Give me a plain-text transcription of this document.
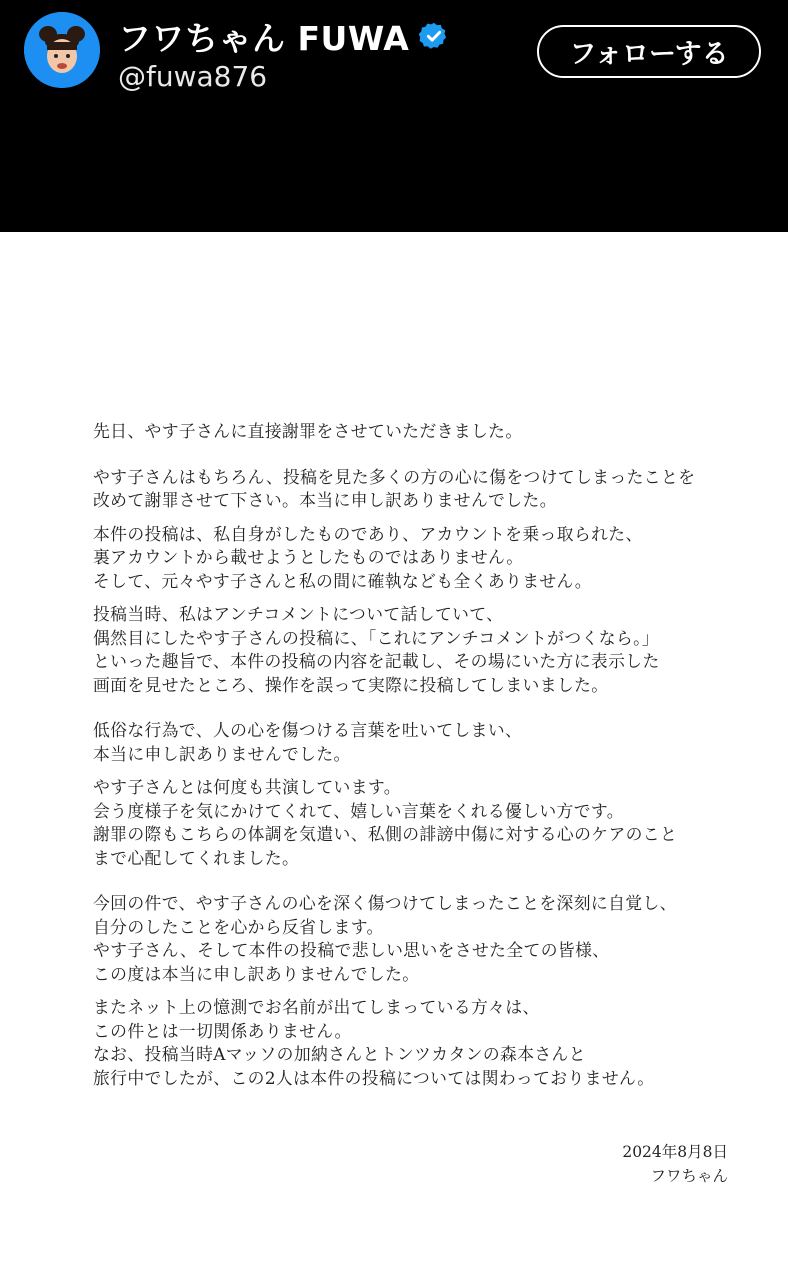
フワちゃん FUWA
@fuwa876
フォローする

先日、やす子さんに直接謝罪をさせていただきました。

やす子さんはもちろん、投稿を見た多くの方の心に傷をつけてしまったことを
改めて謝罪させて下さい。本当に申し訳ありませんでした。

本件の投稿は、私自身がしたものであり、アカウントを乗っ取られた、
裏アカウントから載せようとしたものではありません。
そして、元々やす子さんと私の間に確執なども全くありません。

投稿当時、私はアンチコメントについて話していて、
偶然目にしたやす子さんの投稿に、「これにアンチコメントがつくなら。」
といった趣旨で、本件の投稿の内容を記載し、その場にいた方に表示した
画面を見せたところ、操作を誤って実際に投稿してしまいました。

低俗な行為で、人の心を傷つける言葉を吐いてしまい、
本当に申し訳ありませんでした。

やす子さんとは何度も共演しています。
会う度様子を気にかけてくれて、嬉しい言葉をくれる優しい方です。
謝罪の際もこちらの体調を気遣い、私側の誹謗中傷に対する心のケアのこと
まで心配してくれました。

今回の件で、やす子さんの心を深く傷つけてしまったことを深刻に自覚し、
自分のしたことを心から反省します。
やす子さん、そして本件の投稿で悲しい思いをさせた全ての皆様、
この度は本当に申し訳ありませんでした。

またネット上の憶測でお名前が出てしまっている方々は、
この件とは一切関係ありません。
なお、投稿当時Aマッソの加納さんとトンツカタンの森本さんと
旅行中でしたが、この2人は本件の投稿については関わっておりません。

2024年8月8日
フワちゃん
